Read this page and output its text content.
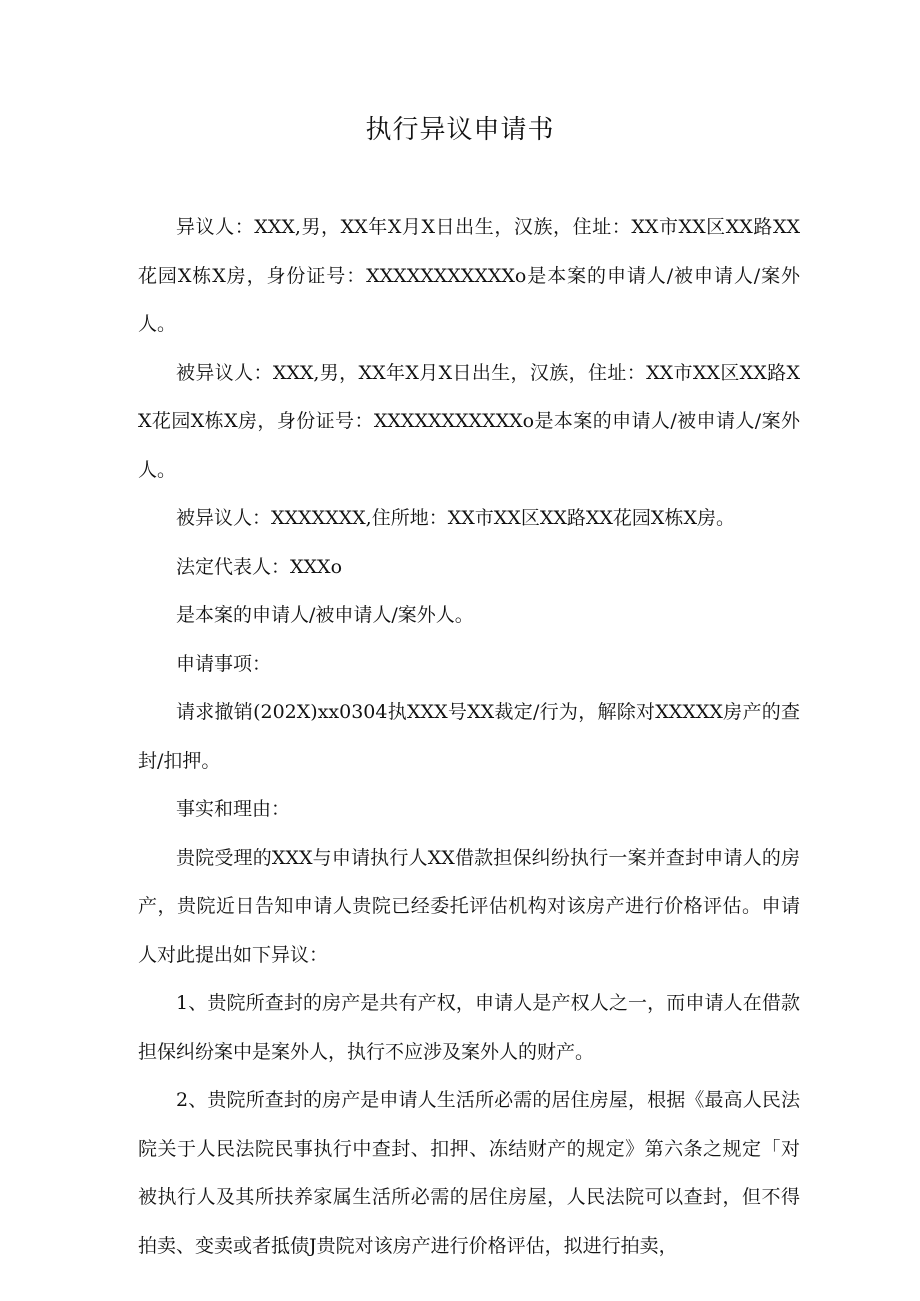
执行异议申请书

异议人：XXX,男，XX年X月X日出生，汉族，住址：XX市XX区XX路XX花园X栋X房，身份证号：XXXXXXXXXXXo是本案的申请人/被申请人/案外人。

被异议人：XXX,男，XX年X月X日出生，汉族，住址：XX市XX区XX路XX花园X栋X房，身份证号：XXXXXXXXXXXo是本案的申请人/被申请人/案外人。

被异议人：XXXXXXX,住所地：XX市XX区XX路XX花园X栋X房。

法定代表人：XXXo

是本案的申请人/被申请人/案外人。

申请事项：

请求撤销(202X)xx0304执XXX号XX裁定/行为，解除对XXXXX房产的查封/扣押。

事实和理由：

贵院受理的XXX与申请执行人XX借款担保纠纷执行一案并查封申请人的房产，贵院近日告知申请人贵院已经委托评估机构对该房产进行价格评估。申请人对此提出如下异议：

1、贵院所查封的房产是共有产权，申请人是产权人之一，而申请人在借款担保纠纷案中是案外人，执行不应涉及案外人的财产。

2、贵院所查封的房产是申请人生活所必需的居住房屋，根据《最高人民法院关于人民法院民事执行中查封、扣押、冻结财产的规定》第六条之规定「对被执行人及其所扶养家属生活所必需的居住房屋，人民法院可以查封，但不得拍卖、变卖或者抵债J贵院对该房产进行价格评估，拟进行拍卖，
